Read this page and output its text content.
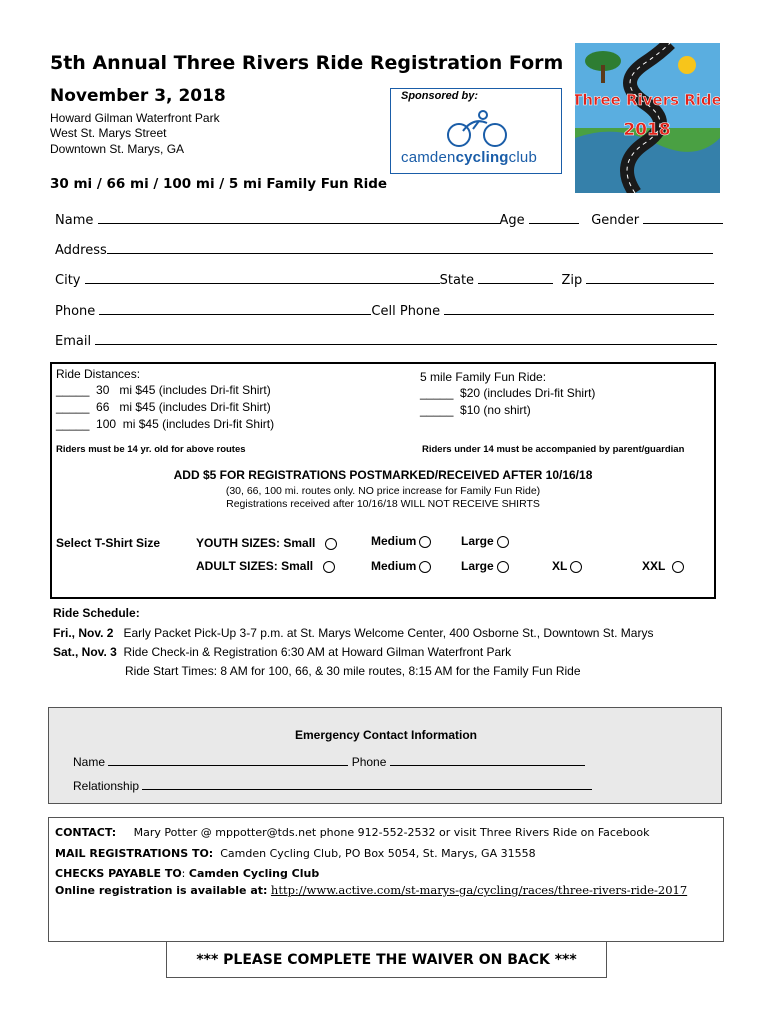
5th Annual Three Rivers Ride Registration Form
November 3, 2018
Howard Gilman Waterfront Park
West St. Marys Street
Downtown St. Marys, GA
30 mi / 66 mi / 100 mi / 5 mi Family Fun Ride
Sponsored by:
camdencyclingclub
Three Rivers Ride
2018
Name	Age	Gender
Address
City	State	Zip
Phone	Cell Phone
Email
Ride Distances:
_____  30   mi $45 (includes Dri-fit Shirt)
_____  66   mi $45 (includes Dri-fit Shirt)
_____  100  mi $45 (includes Dri-fit Shirt)
Riders must be 14 yr. old for above routes
5 mile Family Fun Ride:
_____  $20 (includes Dri-fit Shirt)
_____  $10 (no shirt)
Riders under 14 must be accompanied by parent/guardian
ADD $5 FOR REGISTRATIONS POSTMARKED/RECEIVED AFTER 10/16/18
(30, 66, 100 mi. routes only. NO price increase for Family Fun Ride)
Registrations received after 10/16/18 WILL NOT RECEIVE SHIRTS
Select T-Shirt Size	YOUTH SIZES: Small	Medium	Large
ADULT SIZES: Small	Medium	Large	XL	XXL
Ride Schedule:
Fri., Nov. 2 Early Packet Pick-Up 3-7 p.m. at St. Marys Welcome Center, 400 Osborne St., Downtown St. Marys
Sat., Nov. 3 Ride Check-in & Registration 6:30 AM at Howard Gilman Waterfront Park
Ride Start Times: 8 AM for 100, 66, & 30 mile routes, 8:15 AM for the Family Fun Ride
Emergency Contact Information
Name	Phone
Relationship
CONTACT: Mary Potter @ mppotter@tds.net phone 912-552-2532 or visit Three Rivers Ride on Facebook
MAIL REGISTRATIONS TO: Camden Cycling Club, PO Box 5054, St. Marys, GA 31558
CHECKS PAYABLE TO: Camden Cycling Club
Online registration is available at: http://www.active.com/st-marys-ga/cycling/races/three-rivers-ride-2017
*** PLEASE COMPLETE THE WAIVER ON BACK ***
